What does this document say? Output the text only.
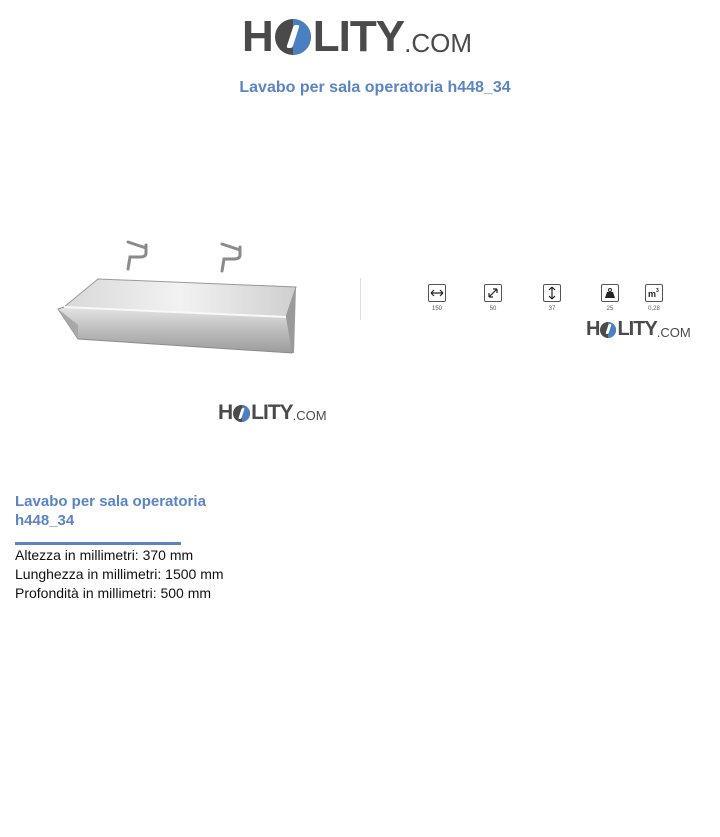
H LITY .COM
Lavabo per sala operatoria h448_34
H LITY .COM
150	50	37	25
m 3
0,28
H LITY .COM
Lavabo per sala operatoria h448_34
Altezza in millimetri: 370 mm
Lunghezza in millimetri: 1500 mm
Profondità in millimetri: 500 mm
